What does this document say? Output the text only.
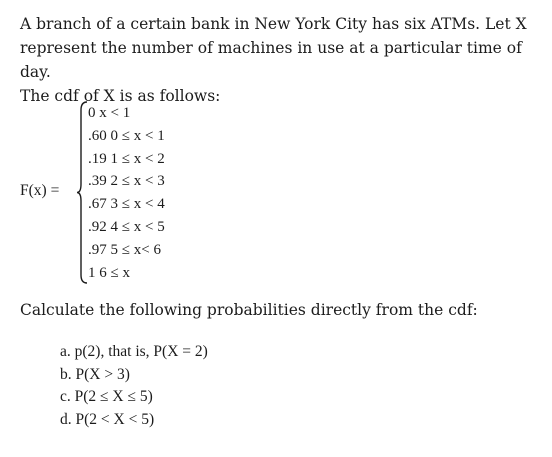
A branch of a certain bank in New York City has six ATMs. Let X
represent the number of machines in use at a particular time of day.
The cdf of X is as follows:

F(x) =
0 x < 1
.60 0 ≤ x < 1
.19 1 ≤ x < 2
.39 2 ≤ x < 3
.67 3 ≤ x < 4
.92 4 ≤ x < 5
.97 5 ≤ x< 6
1 6 ≤ x

Calculate the following probabilities directly from the cdf:

a. p(2), that is, P(X = 2)
b. P(X > 3)
c. P(2 ≤ X ≤ 5)
d. P(2 < X < 5)
